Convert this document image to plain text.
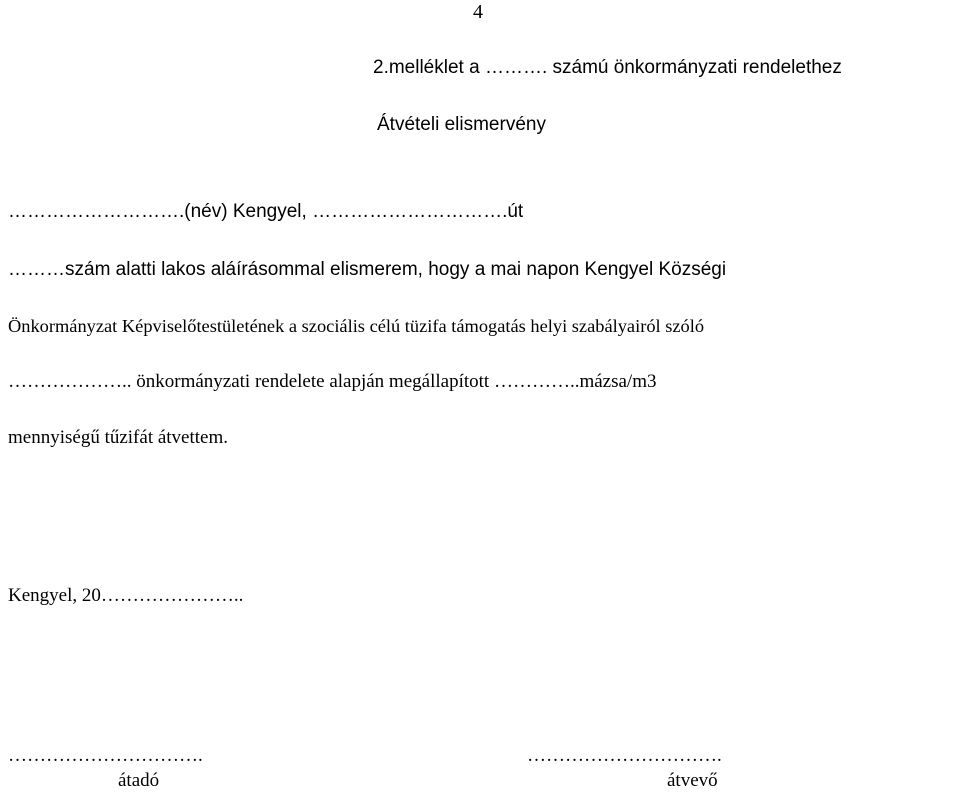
4
2.melléklet a ………. számú önkormányzati rendelethez
Átvételi elismervény
……………………….(név) Kengyel, ………………………….út
………szám alatti lakos aláírásommal elismerem, hogy a mai napon Kengyel Községi
Önkormányzat Képviselőtestületének a szociális célú tüzifa támogatás helyi szabályairól szóló
……………….. önkormányzati rendelete alapján megállapított …………..mázsa/m3
mennyiségű tűzifát átvettem.
Kengyel, 20…………………..
………………………….
átadó
………………………….
átvevő
